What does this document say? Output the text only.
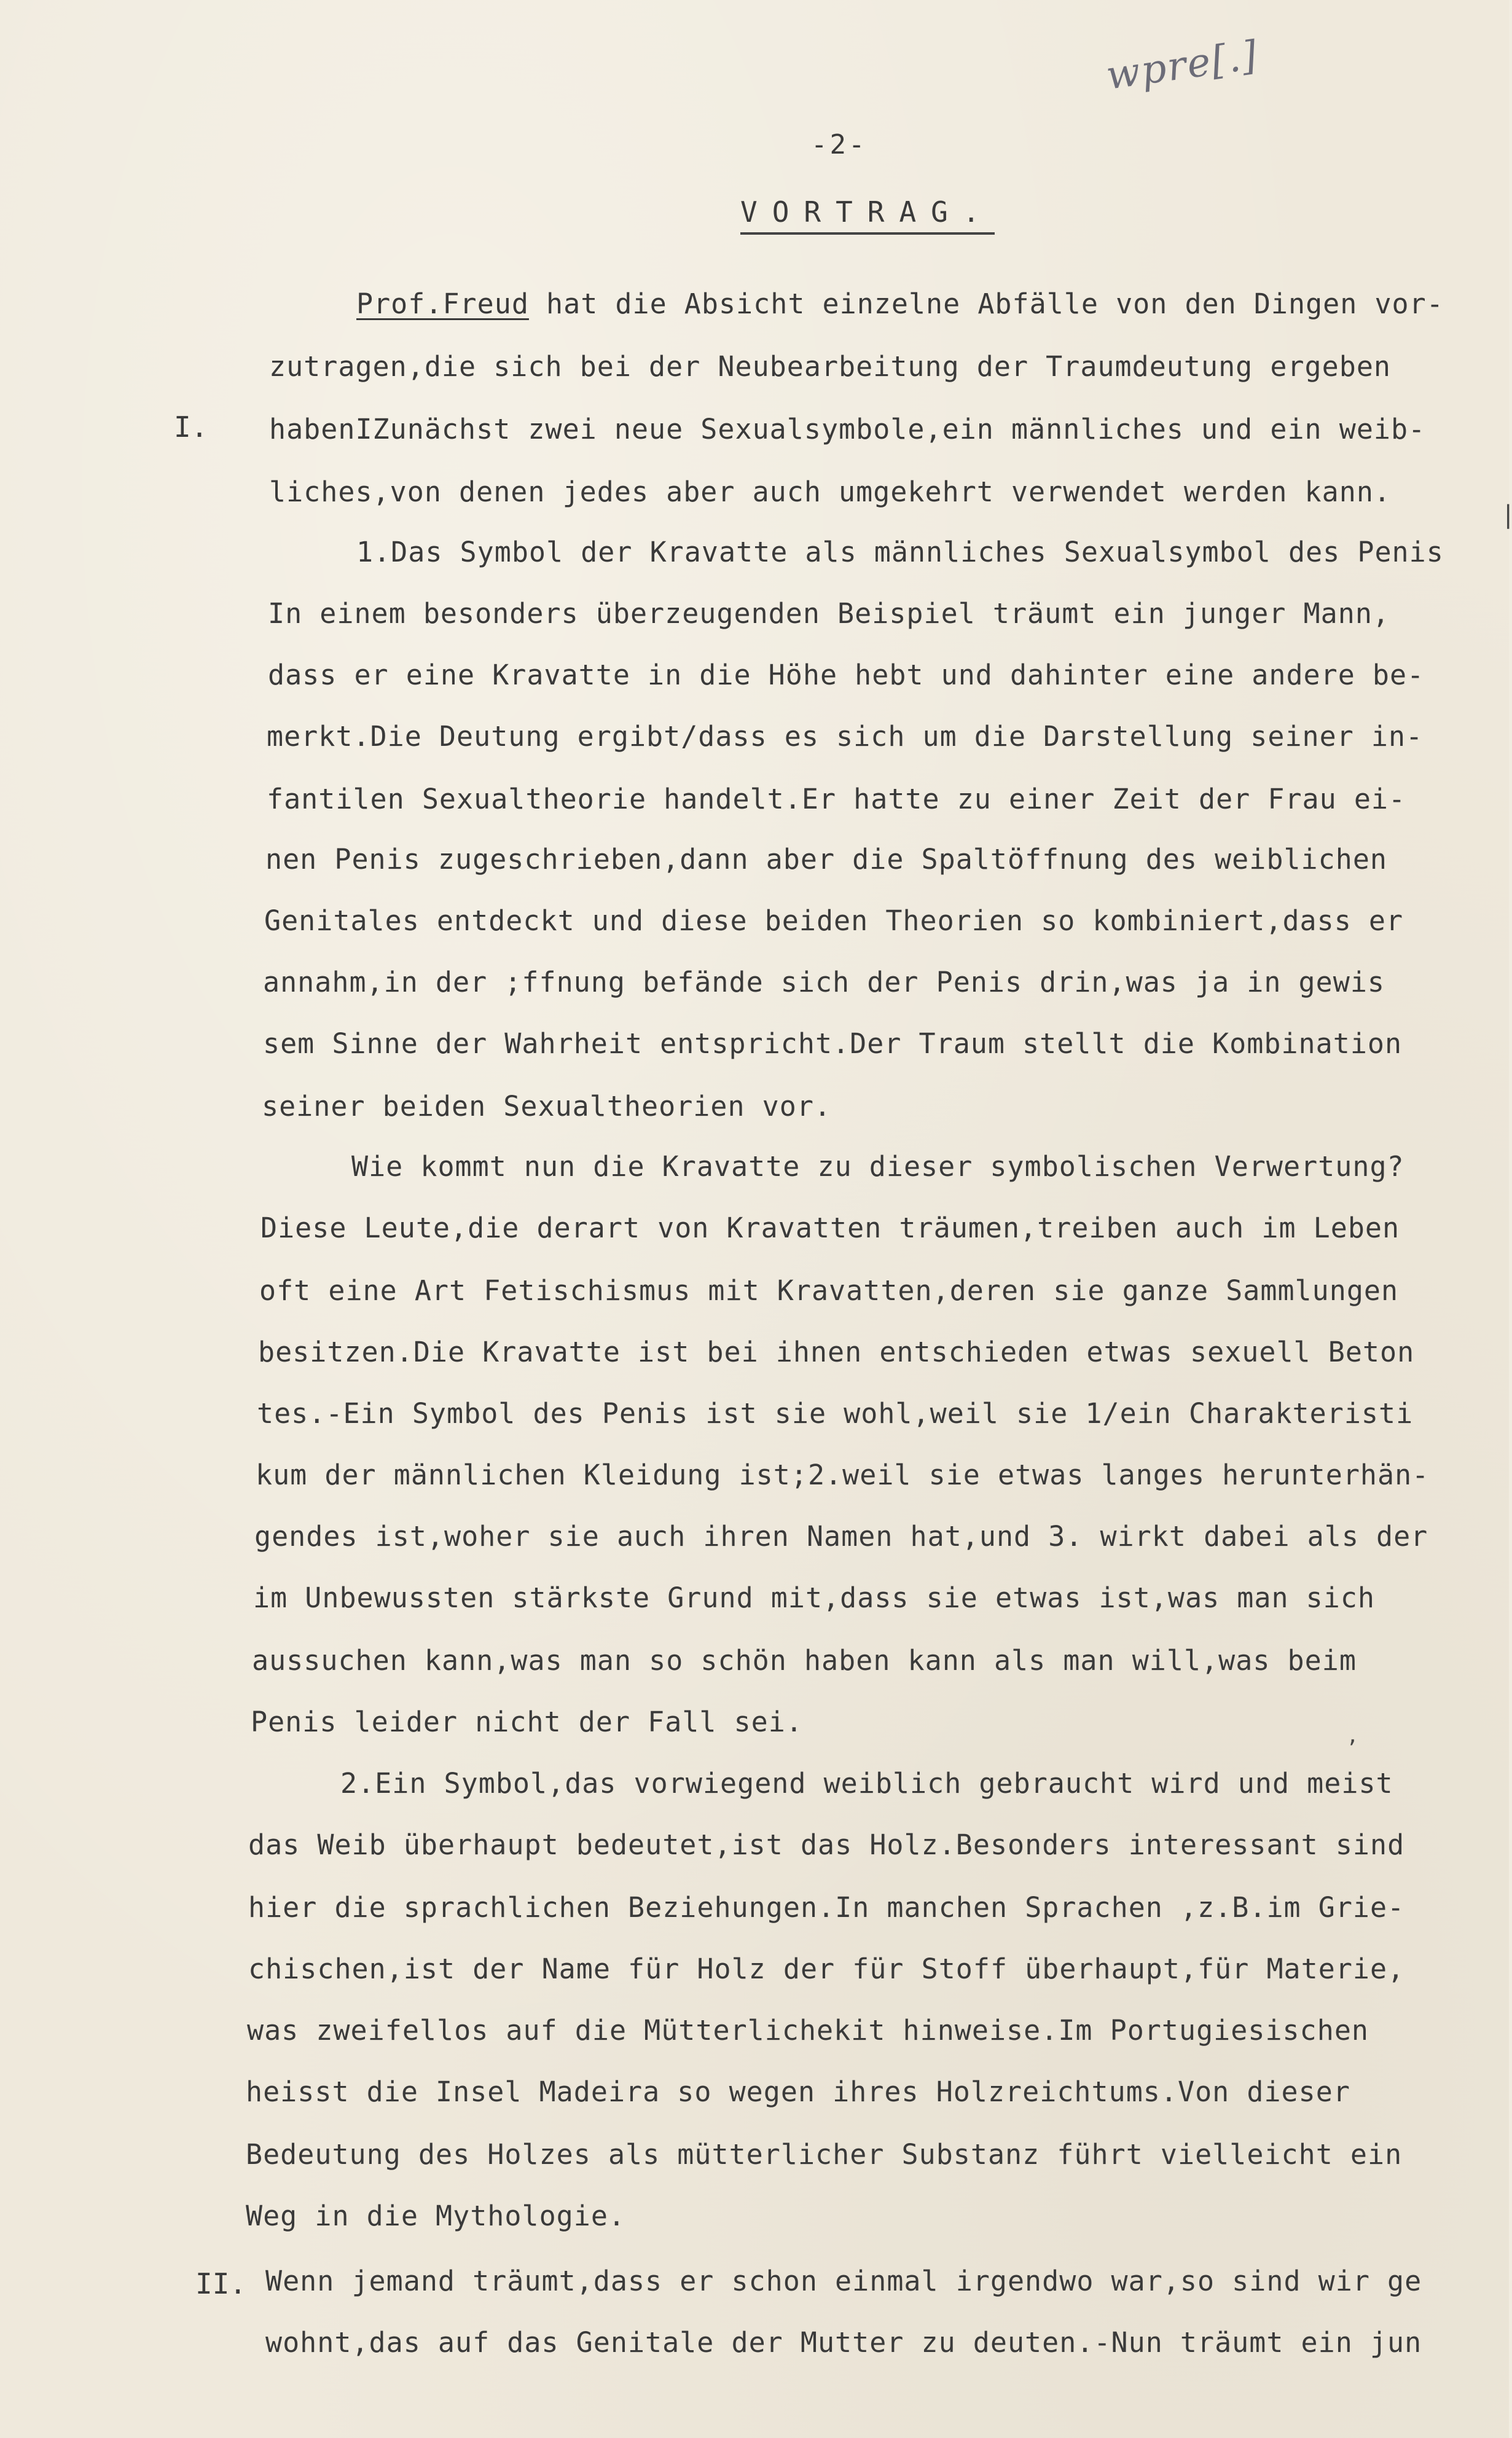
wpre[.]
-2-
VORTRAG.
I.
II.
|
,
Prof.Freud hat die Absicht einzelne Abfälle von den Dingen vor-
zutragen,die sich bei der Neubearbeitung der Traumdeutung ergeben
habenIZunächst zwei neue Sexualsymbole,ein männliches und ein weib-
liches,von denen jedes aber auch umgekehrt verwendet werden kann.
1.Das Symbol der Kravatte als männliches Sexualsymbol des Penis
In einem besonders überzeugenden Beispiel träumt ein junger Mann,
dass er eine Kravatte in die Höhe hebt und dahinter eine andere be-
merkt.Die Deutung ergibt/dass es sich um die Darstellung seiner in-
fantilen Sexualtheorie handelt.Er hatte zu einer Zeit der Frau ei-
nen Penis zugeschrieben,dann aber die Spaltöffnung des weiblichen
Genitales entdeckt und diese beiden Theorien so kombiniert,dass er
annahm,in der ;ffnung befände sich der Penis drin,was ja in gewis
sem Sinne der Wahrheit entspricht.Der Traum stellt die Kombination
seiner beiden Sexualtheorien vor.
Wie kommt nun die Kravatte zu dieser symbolischen Verwertung?
Diese Leute,die derart von Kravatten träumen,treiben auch im Leben
oft eine Art Fetischismus mit Kravatten,deren sie ganze Sammlungen
besitzen.Die Kravatte ist bei ihnen entschieden etwas sexuell Beton
tes.-Ein Symbol des Penis ist sie wohl,weil sie 1/ein Charakteristi
kum der männlichen Kleidung ist;2.weil sie etwas langes herunterhän-
gendes ist,woher sie auch ihren Namen hat,und 3. wirkt dabei als der
im Unbewussten stärkste Grund mit,dass sie etwas ist,was man sich
aussuchen kann,was man so schön haben kann als man will,was beim
Penis leider nicht der Fall sei.
2.Ein Symbol,das vorwiegend weiblich gebraucht wird und meist
das Weib überhaupt bedeutet,ist das Holz.Besonders interessant sind
hier die sprachlichen Beziehungen.In manchen Sprachen ,z.B.im Grie-
chischen,ist der Name für Holz der für Stoff überhaupt,für Materie,
was zweifellos auf die Mütterlichekit hinweise.Im Portugiesischen
heisst die Insel Madeira so wegen ihres Holzreichtums.Von dieser
Bedeutung des Holzes als mütterlicher Substanz führt vielleicht ein
Weg in die Mythologie.
Wenn jemand träumt,dass er schon einmal irgendwo war,so sind wir ge
wohnt,das auf das Genitale der Mutter zu deuten.-Nun träumt ein jun
